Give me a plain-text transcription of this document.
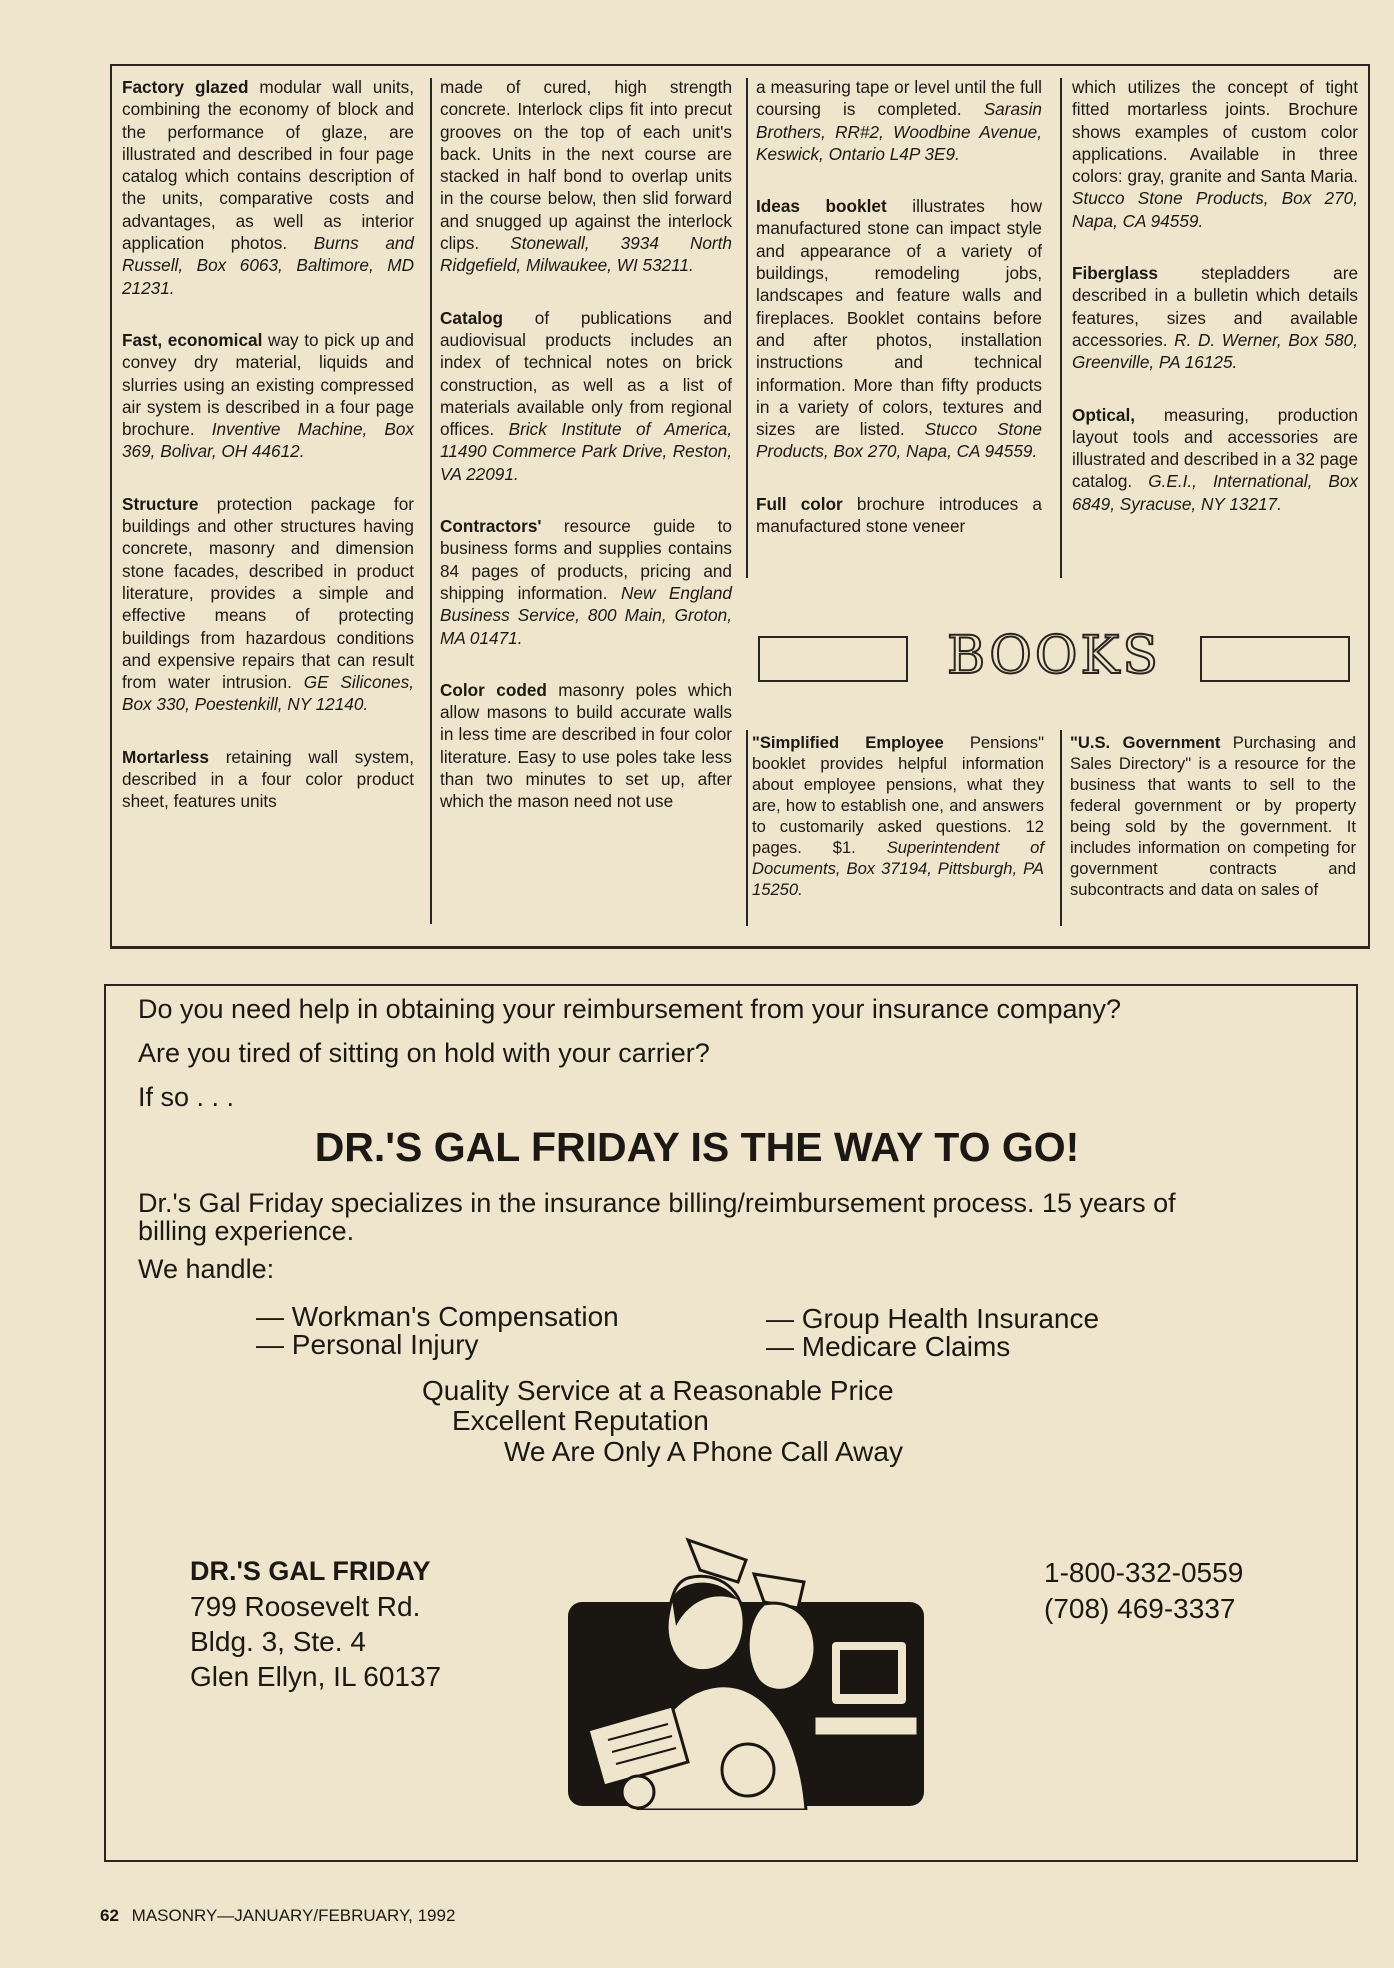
Factory glazed modular wall units, combining the economy of block and the performance of glaze, are illustrated and described in four page catalog which contains description of the units, comparative costs and advantages, as well as interior application photos. Burns and Russell, Box 6063, Baltimore, MD 21231.

Fast, economical way to pick up and convey dry material, liquids and slurries using an existing compressed air system is described in a four page brochure. Inventive Machine, Box 369, Bolivar, OH 44612.

Structure protection package for buildings and other structures having concrete, masonry and dimension stone facades, described in product literature, provides a simple and effective means of protecting buildings from hazardous conditions and expensive repairs that can result from water intrusion. GE Silicones, Box 330, Poestenkill, NY 12140.

Mortarless retaining wall system, described in a four color product sheet, features units

made of cured, high strength concrete. Interlock clips fit into precut grooves on the top of each unit's back. Units in the next course are stacked in half bond to overlap units in the course below, then slid forward and snugged up against the interlock clips. Stonewall, 3934 North Ridgefield, Milwaukee, WI 53211.

Catalog of publications and audiovisual products includes an index of technical notes on brick construction, as well as a list of materials available only from regional offices. Brick Institute of America, 11490 Commerce Park Drive, Reston, VA 22091.

Contractors' resource guide to business forms and supplies contains 84 pages of products, pricing and shipping information. New England Business Service, 800 Main, Groton, MA 01471.

Color coded masonry poles which allow masons to build accurate walls in less time are described in four color literature. Easy to use poles take less than two minutes to set up, after which the mason need not use

a measuring tape or level until the full coursing is completed. Sarasin Brothers, RR#2, Woodbine Avenue, Keswick, Ontario L4P 3E9.

Ideas booklet illustrates how manufactured stone can impact style and appearance of a variety of buildings, remodeling jobs, landscapes and feature walls and fireplaces. Booklet contains before and after photos, installation instructions and technical information. More than fifty products in a variety of colors, textures and sizes are listed. Stucco Stone Products, Box 270, Napa, CA 94559.

Full color brochure introduces a manufactured stone veneer

which utilizes the concept of tight fitted mortarless joints. Brochure shows examples of custom color applications. Available in three colors: gray, granite and Santa Maria. Stucco Stone Products, Box 270, Napa, CA 94559.

Fiberglass stepladders are described in a bulletin which details features, sizes and available accessories. R. D. Werner, Box 580, Greenville, PA 16125.

Optical, measuring, production layout tools and accessories are illustrated and described in a 32 page catalog. G.E.I., International, Box 6849, Syracuse, NY 13217.

BOOKS

"Simplified Employee Pensions" booklet provides helpful information about employee pensions, what they are, how to establish one, and answers to customarily asked questions. 12 pages. $1. Superintendent of Documents, Box 37194, Pittsburgh, PA 15250.

"U.S. Government Purchasing and Sales Directory" is a resource for the business that wants to sell to the federal government or by property being sold by the government. It includes information on competing for government contracts and subcontracts and data on sales of

Do you need help in obtaining your reimbursement from your insurance company?
Are you tired of sitting on hold with your carrier?
If so . . .
DR.'S GAL FRIDAY IS THE WAY TO GO!
Dr.'s Gal Friday specializes in the insurance billing/reimbursement process. 15 years of
billing experience.
We handle:
— Workman's Compensation
— Personal Injury
— Group Health Insurance
— Medicare Claims
Quality Service at a Reasonable Price
Excellent Reputation
We Are Only A Phone Call Away
DR.'S GAL FRIDAY
799 Roosevelt Rd.
Bldg. 3, Ste. 4
Glen Ellyn, IL 60137
1-800-332-0559
(708) 469-3337
62 MASONRY—JANUARY/FEBRUARY, 1992
